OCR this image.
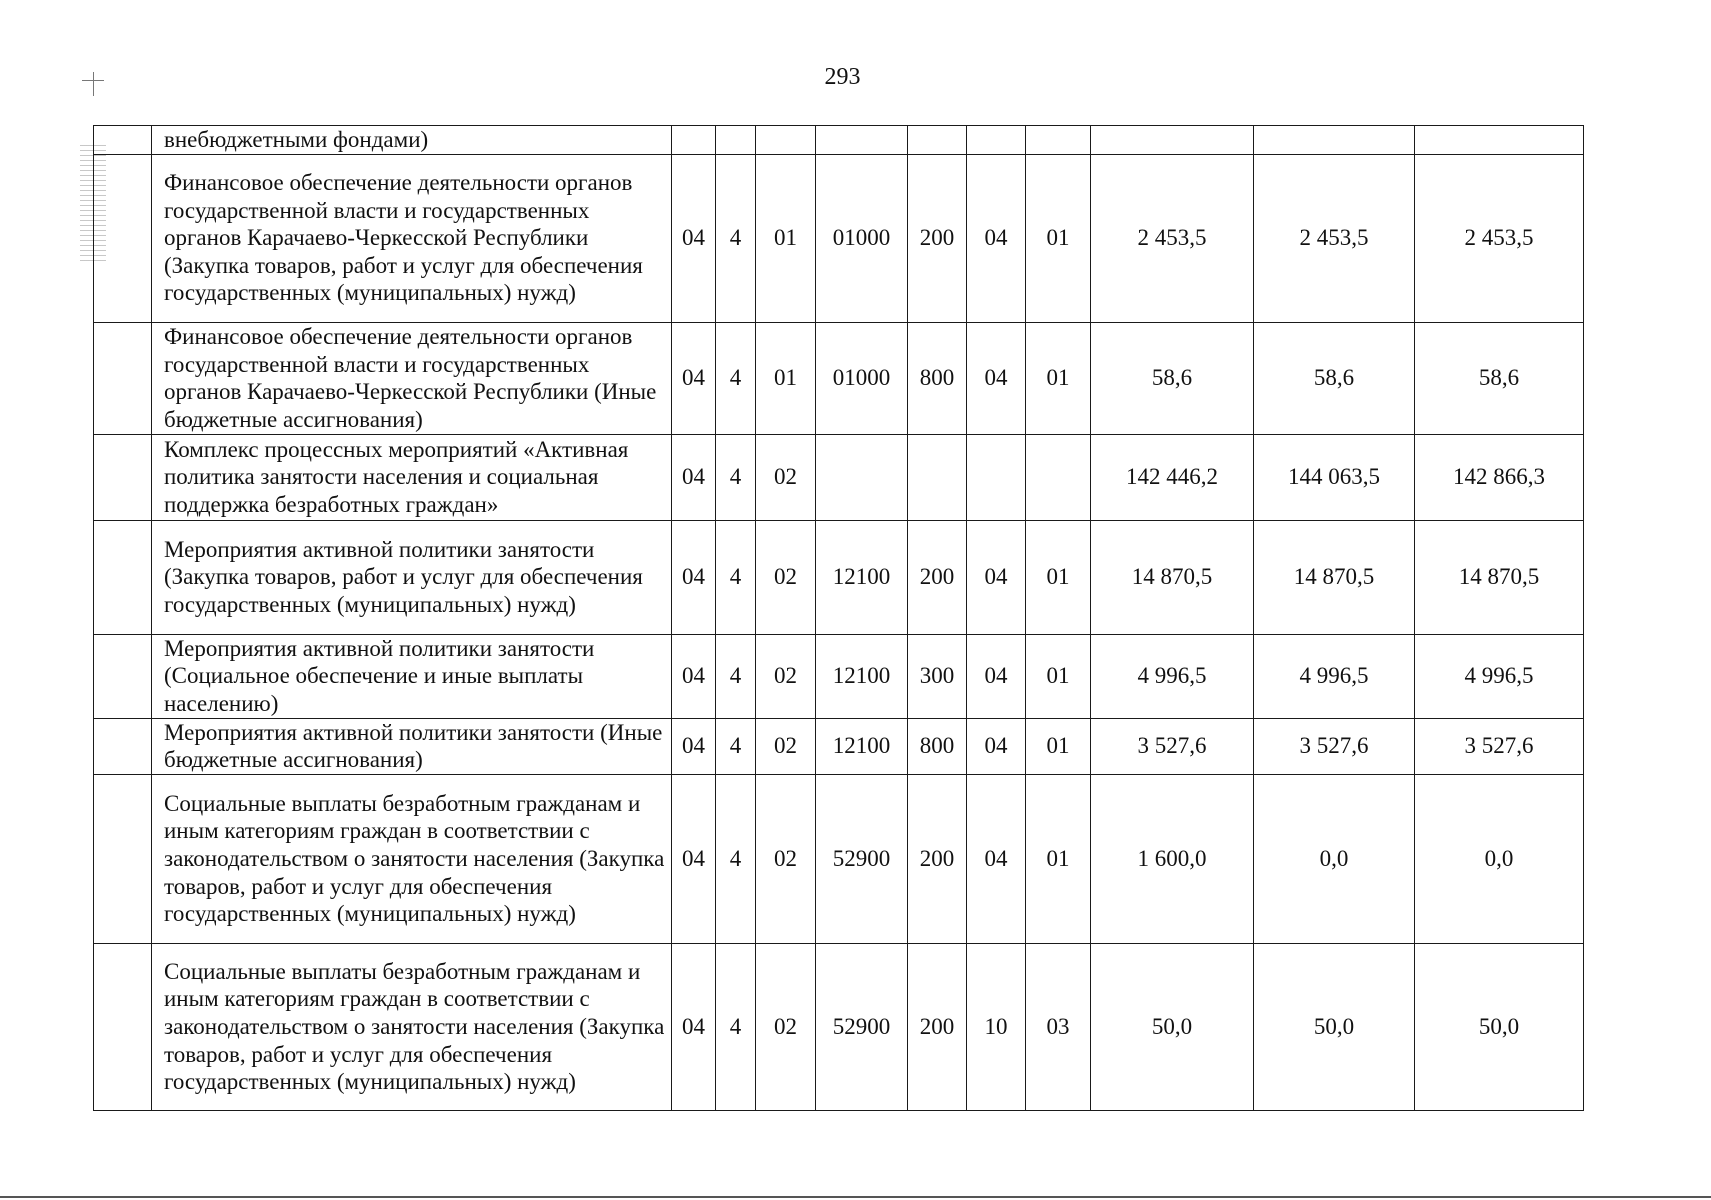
293
	внебюджетными фондами)										
	Финансовое обеспечение деятельности органов государственной власти и государственных органов Карачаево-Черкесской Республики (Закупка товаров, работ и услуг для обеспечения государственных (муниципальных) нужд)	04	4	01	01000	200	04	01	2 453,5	2 453,5	2 453,5
	Финансовое обеспечение деятельности органов государственной власти и государственных органов Карачаево-Черкесской Республики (Иные бюджетные ассигнования)	04	4	01	01000	800	04	01	58,6	58,6	58,6
	Комплекс процессных мероприятий «Активная политика занятости населения и социальная поддержка безработных граждан»	04	4	02					142 446,2	144 063,5	142 866,3
	Мероприятия активной политики занятости (Закупка товаров, работ и услуг для обеспечения государственных (муниципальных) нужд)	04	4	02	12100	200	04	01	14 870,5	14 870,5	14 870,5
	Мероприятия активной политики занятости (Социальное обеспечение и иные выплаты населению)	04	4	02	12100	300	04	01	4 996,5	4 996,5	4 996,5
	Мероприятия активной политики занятости (Иные бюджетные ассигнования)	04	4	02	12100	800	04	01	3 527,6	3 527,6	3 527,6
	Социальные выплаты безработным гражданам и иным категориям граждан в соответствии с законодательством о занятости населения (Закупка товаров, работ и услуг для обеспечения государственных (муниципальных) нужд)	04	4	02	52900	200	04	01	1 600,0	0,0	0,0
	Социальные выплаты безработным гражданам и иным категориям граждан в соответствии с законодательством о занятости населения (Закупка товаров, работ и услуг для обеспечения государственных (муниципальных) нужд)	04	4	02	52900	200	10	03	50,0	50,0	50,0
